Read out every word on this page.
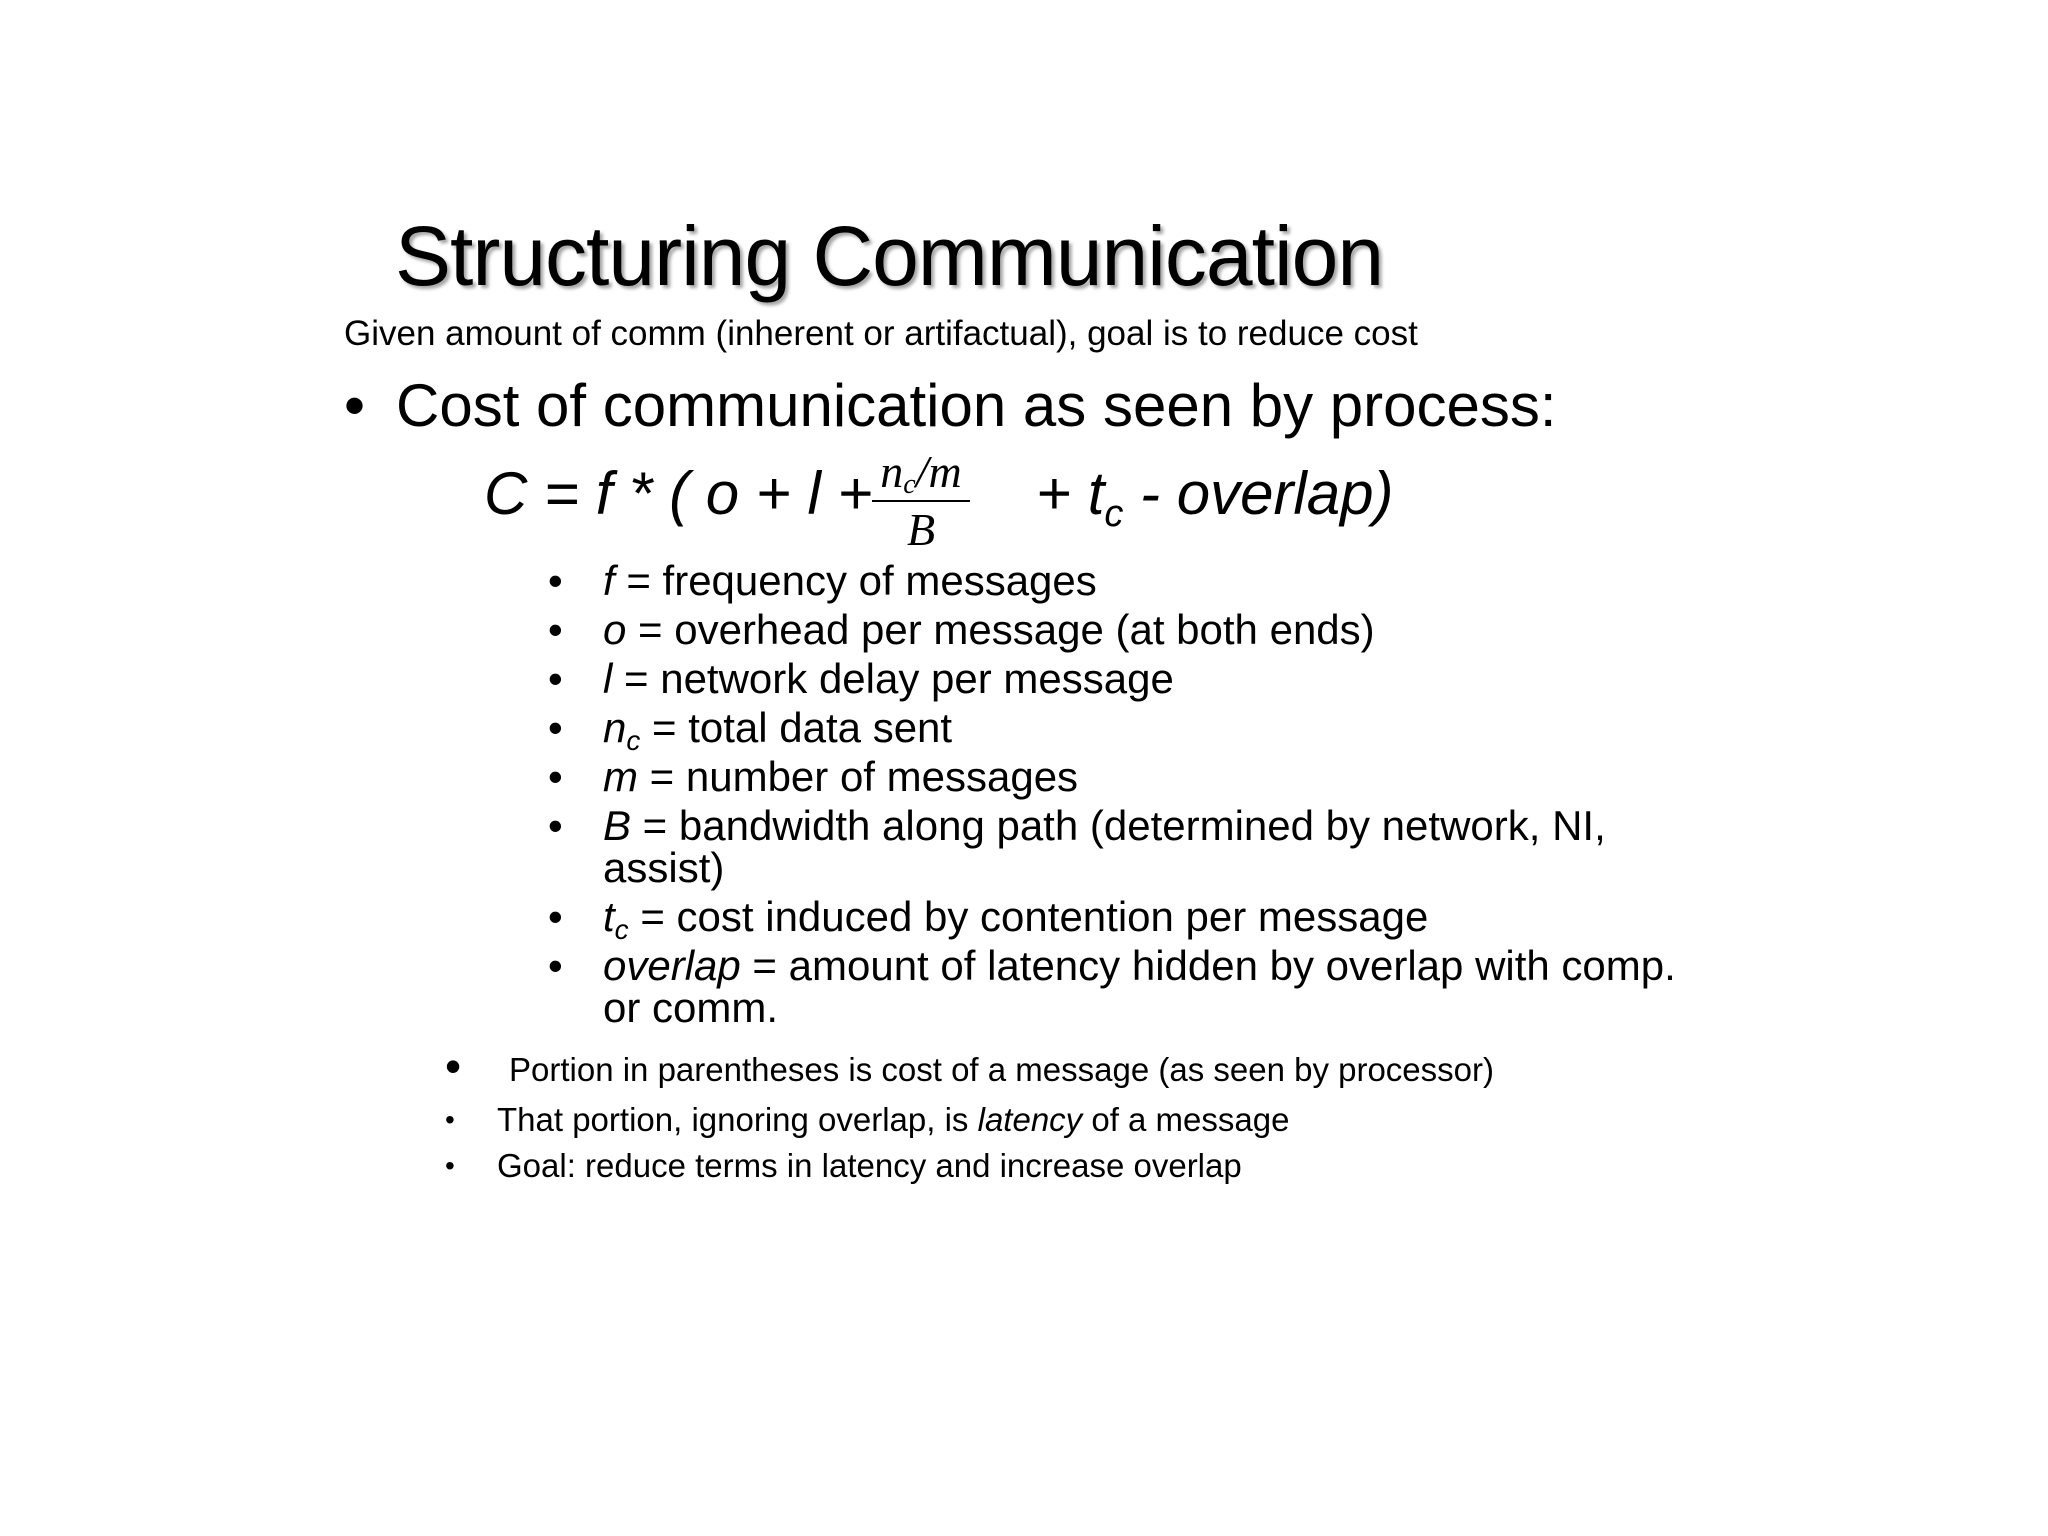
Structuring Communication
Given amount of comm (inherent or artifactual), goal is to reduce cost
• Cost of communication as seen by process:
C = f * ( $o + l + n_c/m$
B
+ $t_c$ - overlap)
• f = frequency of messages
• o = overhead per message (at both ends)
• l = network delay per message
• $n_c$ = total data sent
• m = number of messages
• B = bandwidth along path (determined by network, NI,
assist)
• $t_c = \cos t$ induced by contention per message
• overlap = amount of latency hidden by overlap with comp.
or comm.
• Portion in parentheses is cost of a message (as seen by processor)
• That portion, ignoring overlap, is latency of a message
• Goal: reduce terms in latency and increase overlap
